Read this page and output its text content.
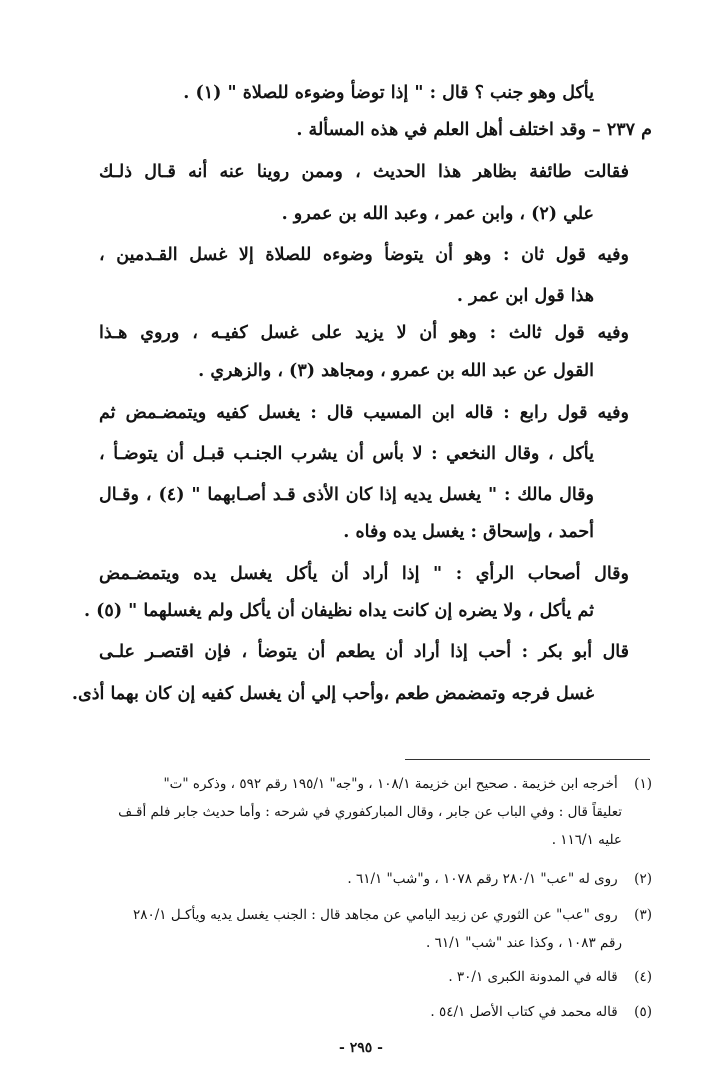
يأكل وهو جنب ؟ قال : " إذا توضأ وضوءه للصلاة " (١) .
م ٢٣٧ – وقد اختلف أهل العلم في هذه المسألة .
فقالت طائفة بظاهر هذا الحديث ، وممن روينا عنه أنه قـال ذلـك
علي (٢) ، وابن عمر ، وعبد الله بن عمرو .
وفيه قول ثان : وهو أن يتوضأ وضوءه للصلاة إلا غسل القـدمين ،
هذا قول ابن عمر .
وفيه قول ثالث : وهو أن لا يزيد على غسل كفيـه ، وروي هـذا
القول عن عبد الله بن عمرو ، ومجاهد (٣) ، والزهري .
وفيه قول رابع : قاله ابن المسيب قال : يغسل كفيه ويتمضـمض ثم
يأكل ، وقال النخعي : لا بأس أن يشرب الجنـب قبـل أن يتوضـأ ،
وقال مالك : " يغسل يديه إذا كان الأذى قـد أصـابهما " (٤) ، وقـال
أحمد ، وإسحاق : يغسل يده وفاه .
وقال أصحاب الرأي : " إذا أراد أن يأكل يغسل يده ويتمضـمض
ثم يأكل ، ولا يضره إن كانت يداه نظيفان أن يأكل ولم يغسلهما " (٥) .
قال أبو بكر : أحب إذا أراد أن يطعم أن يتوضأ ، فإن اقتصـر علـى
غسل فرجه وتمضمض طعم ،وأحب إلي أن يغسل كفيه إن كان بهما أذى.
(١) أخرجه ابن خزيمة . صحيح ابن خزيمة ١٠٨/١ ، و"جه" ١٩٥/١ رقم ٥٩٢ ، وذكره "ت"
تعليقاً قال : وفي الباب عن جابر ، وقال المباركفوري في شرحه : وأما حديث جابر فلم أقـف
عليه ١١٦/١ .
(٢) روى له "عب" ٢٨٠/١ رقم ١٠٧٨ ، و"شب" ٦١/١ .
(٣) روى "عب" عن الثوري عن زبيد اليامي عن مجاهد قال : الجنب يغسل يديه ويأكـل ٢٨٠/١
رقم ١٠٨٣ ، وكذا عند "شب" ٦١/١ .
(٤) قاله في المدونة الكبرى ٣٠/١ .
(٥) قاله محمد في كتاب الأصل ٥٤/١ .
- ٢٩٥ -
